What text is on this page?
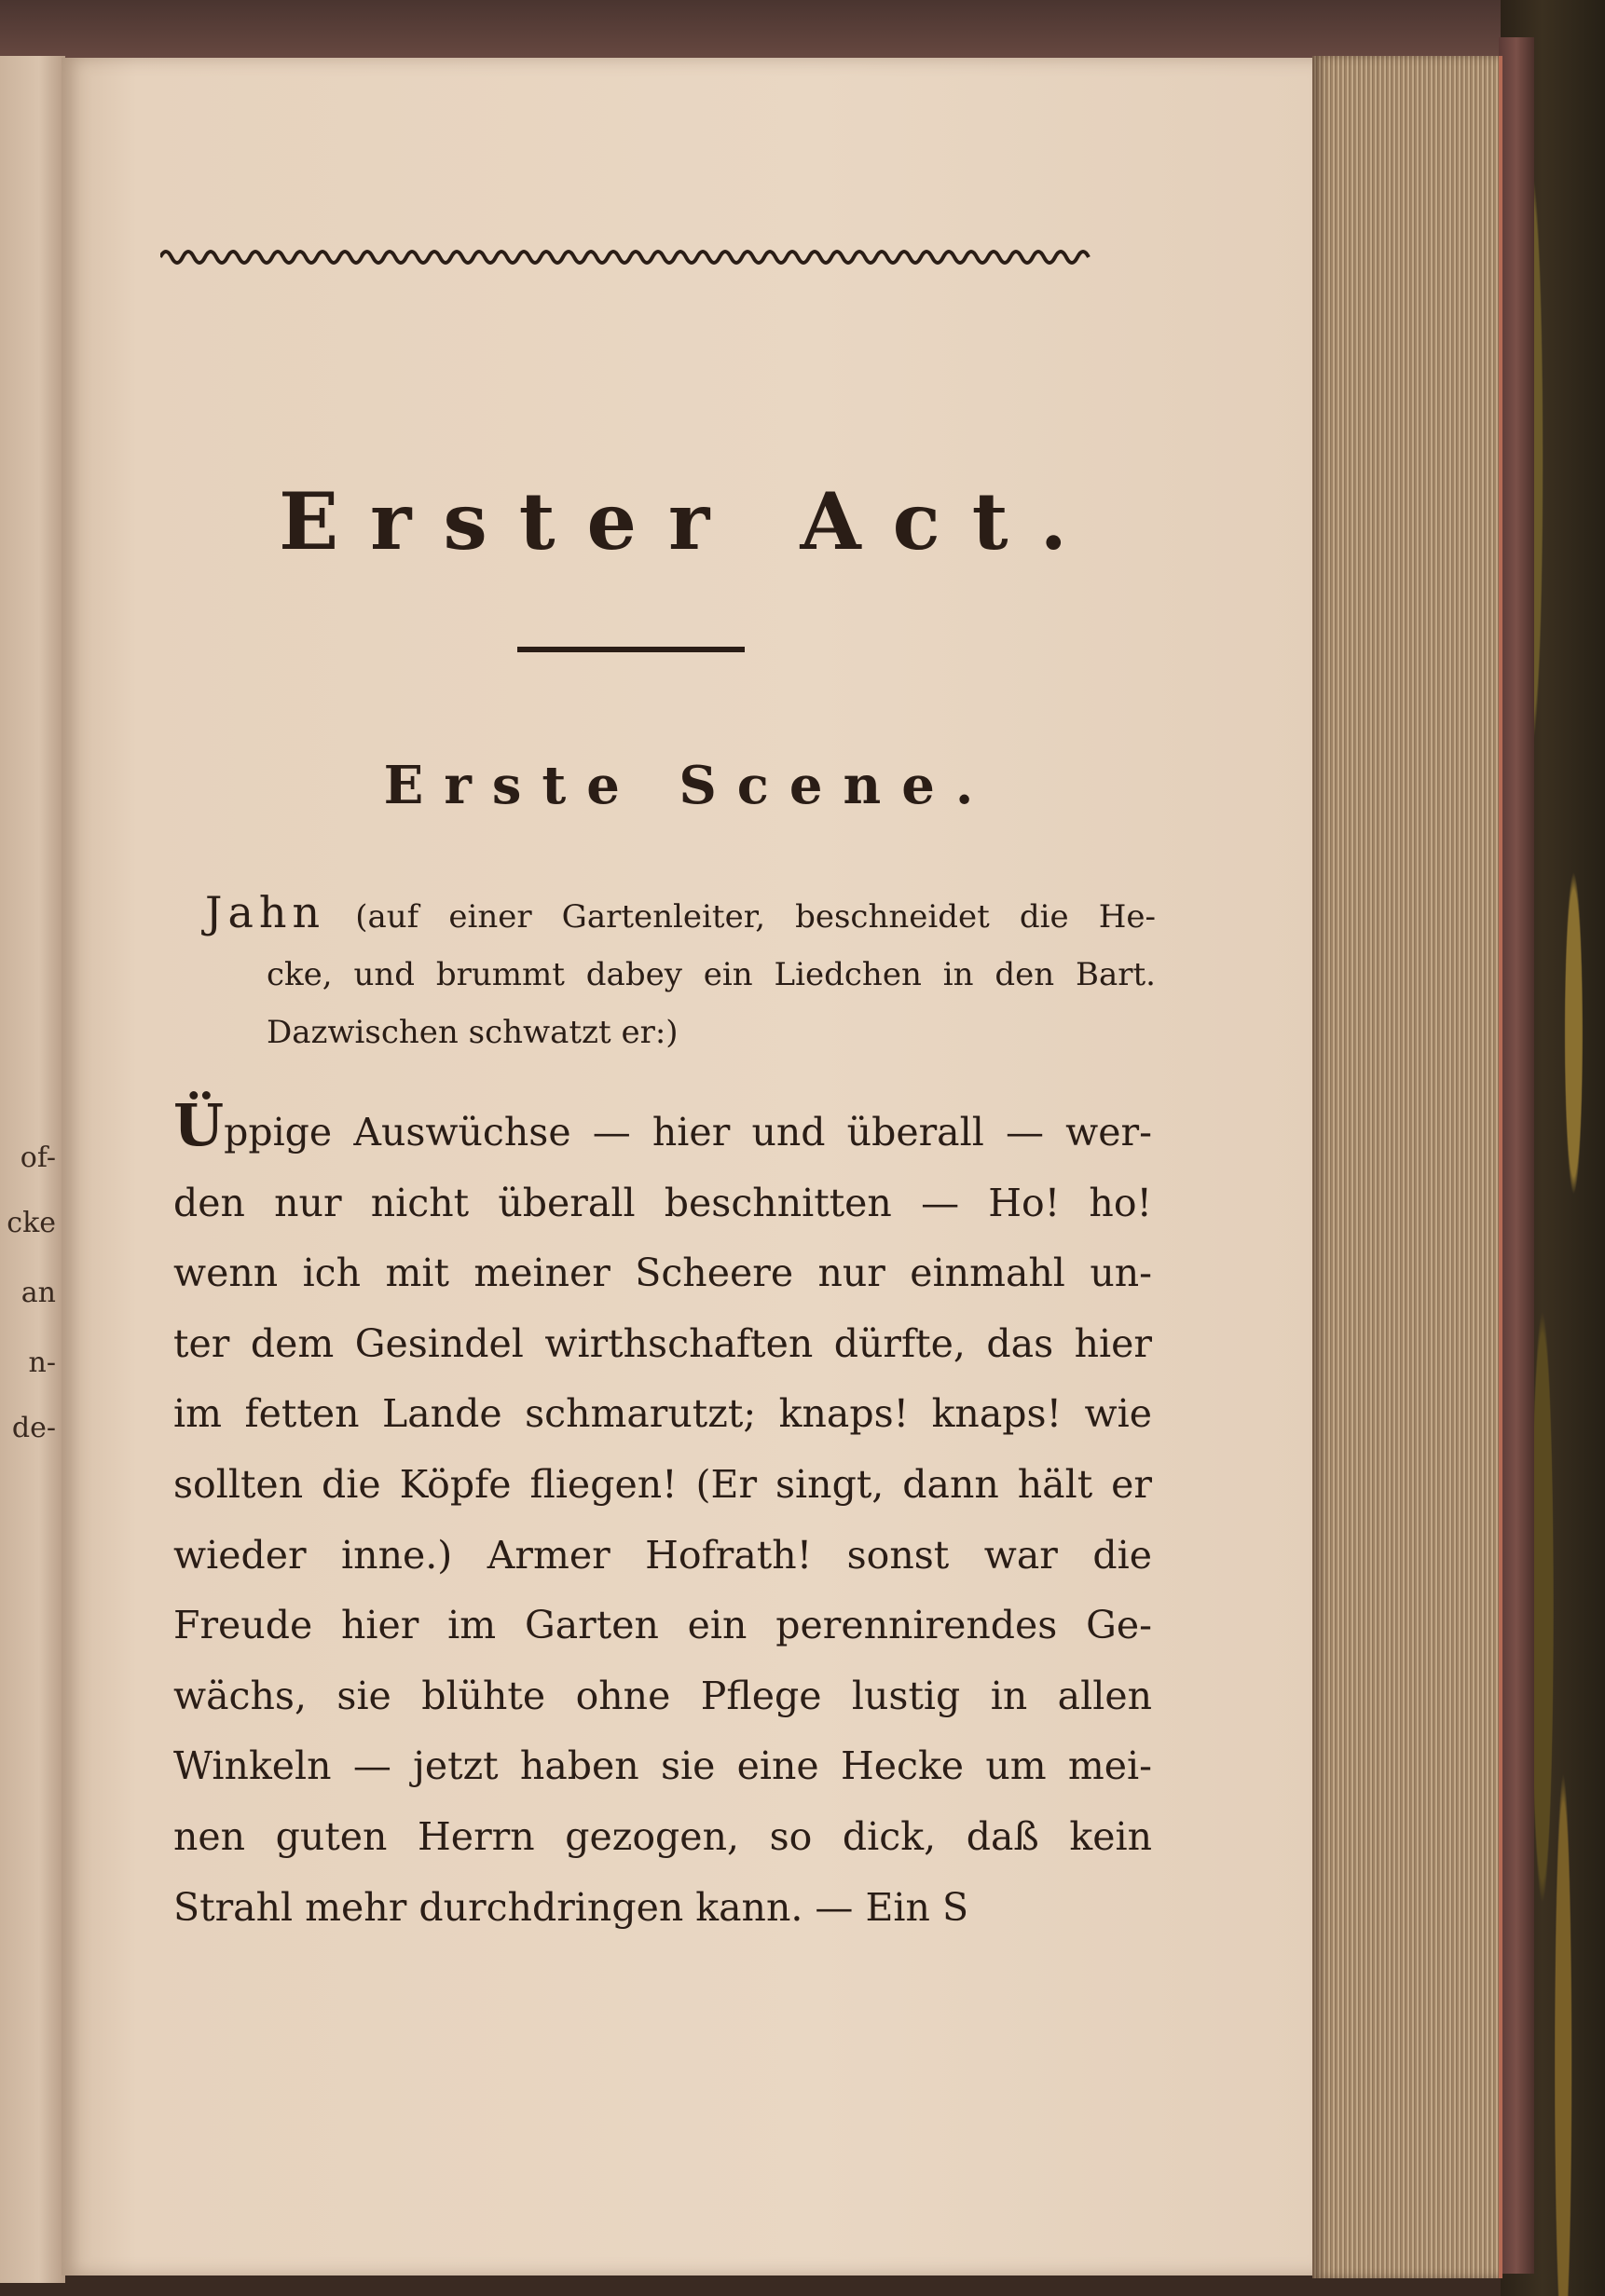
of-
cke
an
n-
de-
Erster Act.
Erste Scene.
Jahn (auf einer Gartenleiter, beschneidet die He-
cke, und brummt dabey ein Liedchen in den Bart.
Dazwischen schwatzt er:)
Üppige Auswüchse — hier und überall — wer-
den nur nicht überall beschnitten — Ho! ho!
wenn ich mit meiner Scheere nur einmahl un-
ter dem Gesindel wirthschaften dürfte, das hier
im fetten Lande schmarutzt; knaps! knaps! wie
sollten die Köpfe fliegen! (Er singt, dann hält er
wieder inne.) Armer Hofrath! sonst war die
Freude hier im Garten ein perennirendes Ge-
wächs, sie blühte ohne Pflege lustig in allen
Winkeln — jetzt haben sie eine Hecke um mei-
nen guten Herrn gezogen, so dick, daß kein
Strahl mehr durchdringen kann. — Ein S
